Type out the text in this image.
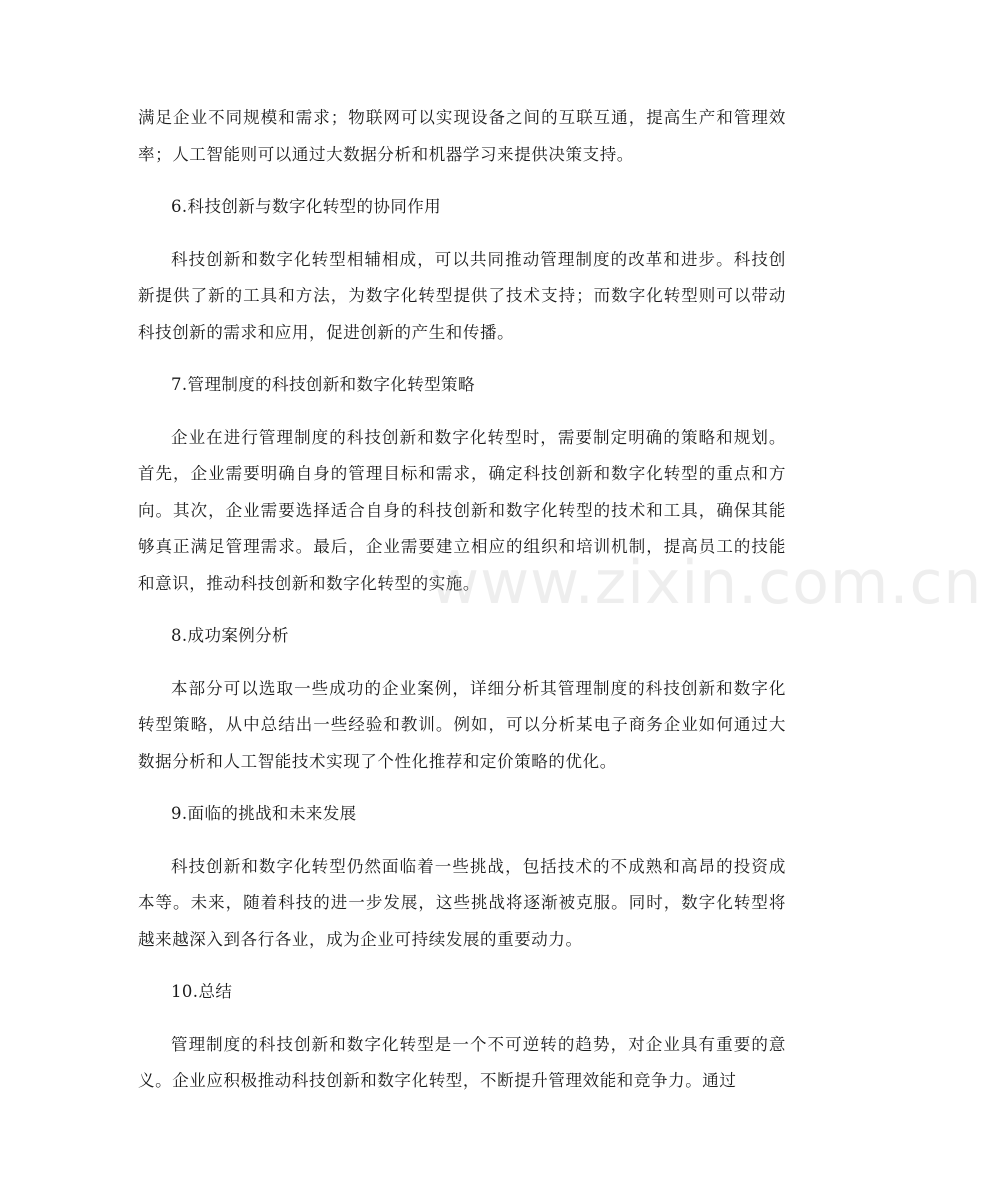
满足企业不同规模和需求；物联网可以实现设备之间的互联互通，提高生产和管理效率；人工智能则可以通过大数据分析和机器学习来提供决策支持。

6.科技创新与数字化转型的协同作用

科技创新和数字化转型相辅相成，可以共同推动管理制度的改革和进步。科技创新提供了新的工具和方法，为数字化转型提供了技术支持；而数字化转型则可以带动科技创新的需求和应用，促进创新的产生和传播。

7.管理制度的科技创新和数字化转型策略

企业在进行管理制度的科技创新和数字化转型时，需要制定明确的策略和规划。首先，企业需要明确自身的管理目标和需求，确定科技创新和数字化转型的重点和方向。其次，企业需要选择适合自身的科技创新和数字化转型的技术和工具，确保其能够真正满足管理需求。最后，企业需要建立相应的组织和培训机制，提高员工的技能和意识，推动科技创新和数字化转型的实施。

8.成功案例分析

本部分可以选取一些成功的企业案例，详细分析其管理制度的科技创新和数字化转型策略，从中总结出一些经验和教训。例如，可以分析某电子商务企业如何通过大数据分析和人工智能技术实现了个性化推荐和定价策略的优化。

9.面临的挑战和未来发展

科技创新和数字化转型仍然面临着一些挑战，包括技术的不成熟和高昂的投资成本等。未来，随着科技的进一步发展，这些挑战将逐渐被克服。同时，数字化转型将越来越深入到各行各业，成为企业可持续发展的重要动力。

10.总结

管理制度的科技创新和数字化转型是一个不可逆转的趋势，对企业具有重要的意义。企业应积极推动科技创新和数字化转型，不断提升管理效能和竞争力。通过

www.zixin.com.cn
